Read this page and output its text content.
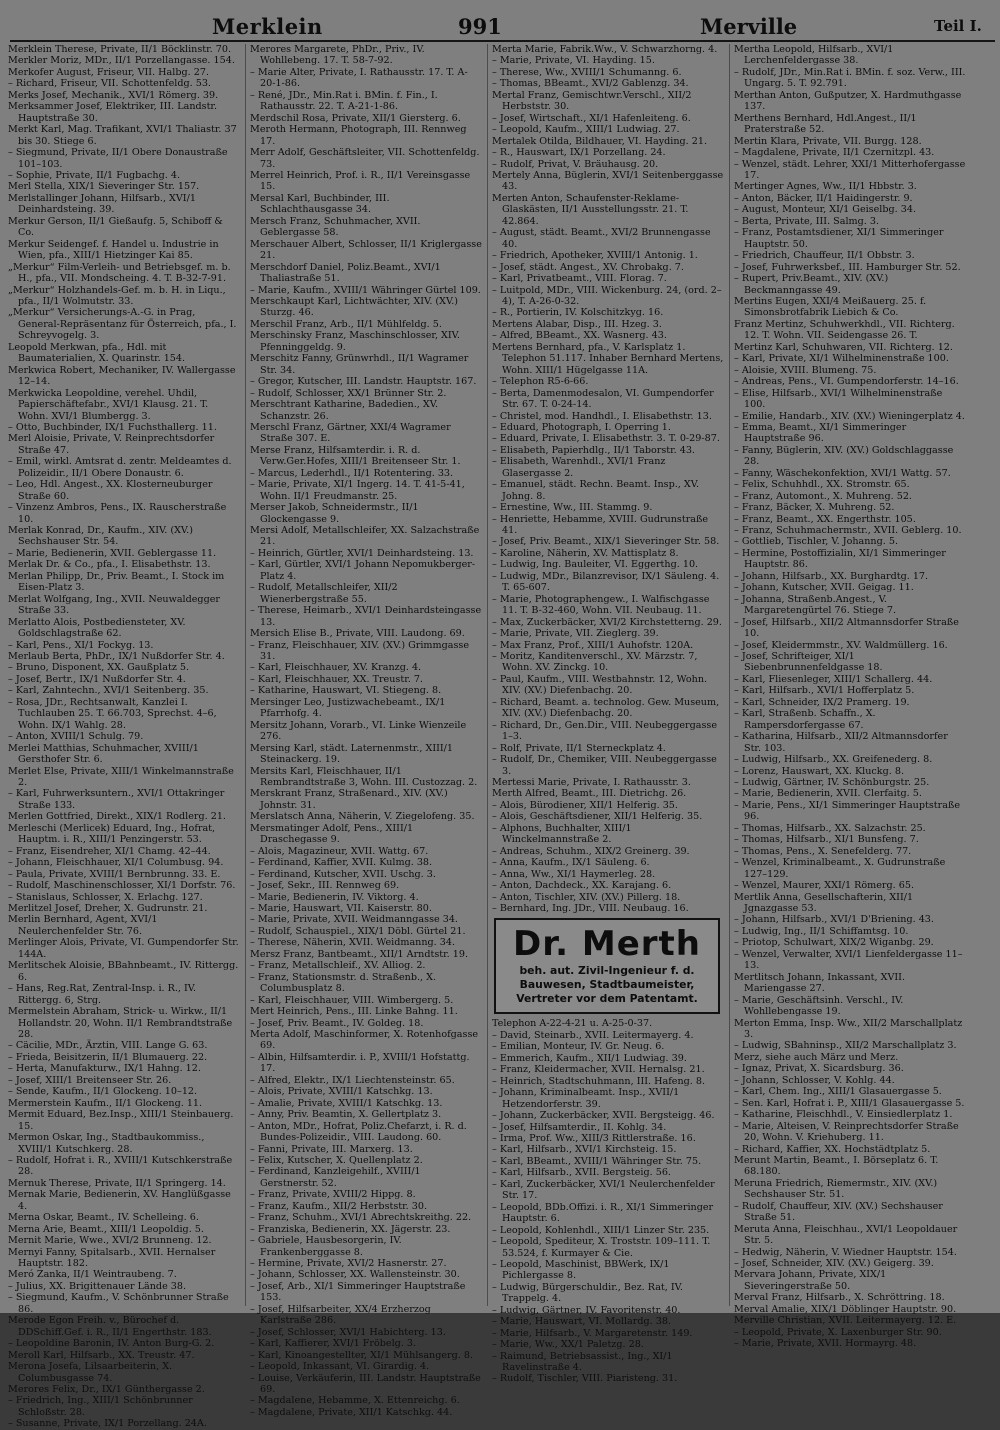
Merklein	991	Merville	Teil I.

Merklein Therese, Private, II/1 Böcklinstr. 70.

Merkler Moriz, MDr., II/1 Porzellangasse. 154.

Merkofer August, Friseur, VII. Halbg. 27.

– Richard, Friseur, VII. Schottenfeldg. 53.

Merks Josef, Mechanik., XVI/1 Römerg. 39.

Merksammer Josef, Elektriker, III. Landstr. Hauptstraße 30.

Merkt Karl, Mag. Trafikant, XVI/1 Thaliastr. 37 bis 30. Stiege 6.

– Siegmund, Private, II/1 Obere Donaustraße 101–103.

– Sophie, Private, II/1 Fugbachg. 4.

Merl Stella, XIX/1 Sieveringer Str. 157.

Merlstallinger Johann, Hilfsarb., XVI/1 Deinhardsteing. 39.

Merkur Gerson, II/1 Gießaufg. 5, Schiboff & Co.

Merkur Seidengef. f. Handel u. Industrie in Wien, pfa., XIII/1 Hietzinger Kai 85.

„Merkur“ Film-Verleih- und Betriebsgef. m. b. H., pfa., VII. Mondscheing. 4. T. B-32-7-91.

„Merkur“ Holzhandels-Gef. m. b. H. in Liqu., pfa., II/1 Wolmutstr. 33.

„Merkur“ Versicherungs-A.-G. in Prag, General-Repräsentanz für Österreich, pfa., I. Schreyvogelg. 3.

Leopold Merkwan, pfa., Hdl. mit Baumaterialien, X. Quarinstr. 154.

Merkwica Robert, Mechaniker, IV. Wallergasse 12–14.

Merkwicka Leopoldine, verehel. Uhdil, Papierschäftefabr., XVI/1 Klausg. 21. T. Wohn. XVI/1 Blumbergg. 3.

– Otto, Buchbinder, IX/1 Fuchsthallerg. 11.

Merl Aloisie, Private, V. Reinprechtsdorfer Straße 47.

– Emil, wirkl. Amtsrat d. zentr. Meldeamtes d. Polizeidir., II/1 Obere Donaustr. 6.

– Leo, Hdl. Angest., XX. Klosterneuburger Straße 60.

– Vinzenz Ambros, Pens., IX. Rauscherstraße 10.

Merlak Konrad, Dr., Kaufm., XIV. (XV.) Sechshauser Str. 54.

– Marie, Bedienerin, XVII. Geblergasse 11.

Merlak Dr. & Co., pfa., I. Elisabethstr. 13.

Merlan Philipp, Dr., Priv. Beamt., I. Stock im Eisen-Platz 3.

Merlat Wolfgang, Ing., XVII. Neuwaldegger Straße 33.

Merlatto Alois, Postbediensteter, XV. Goldschlagstraße 62.

– Karl, Pens., XI/1 Fockyg. 13.

Merlaub Berta, PhDr., IX/1 Nußdorfer Str. 4.

– Bruno, Disponent, XX. Gaußplatz 5.

– Josef, Bertr., IX/1 Nußdorfer Str. 4.

– Karl, Zahntechn., XVI/1 Seitenberg. 35.

– Rosa, JDr., Rechtsanwalt, Kanzlei I. Tuchlauben 25. T. 66.703, Sprechst. 4–6, Wohn. IX/1 Wahlg. 28.

– Anton, XVIII/1 Schulg. 79.

Merlei Matthias, Schuhmacher, XVIII/1 Gersthofer Str. 6.

Merlet Else, Private, XIII/1 Winkelmannstraße 2.

– Karl, Fuhrwerksuntern., XVI/1 Ottakringer Straße 133.

Merlen Gottfried, Direkt., XIX/1 Rodlerg. 21.

Merleschi (Merlicek) Eduard, Ing., Hofrat, Hauptm. i. R., XIII/1 Penzingerstr. 53.

– Franz, Eisendreher, XI/1 Chamg. 42–44.

– Johann, Fleischhauer, XI/1 Columbusg. 94.

– Paula, Private, XVIII/1 Bernbrunng. 33. E.

– Rudolf, Maschinenschlosser, XI/1 Dorfstr. 76.

– Stanislaus, Schlosser, X. Erlachg. 127.

Merlitzel Josef, Dreher, X. Gudrunstr. 21.

Merlin Bernhard, Agent, XVI/1 Neulerchenfelder Str. 76.

Merlinger Alois, Private, VI. Gumpendorfer Str. 144A.

Merlitschek Aloisie, BBahnbeamt., IV. Rittergg. 6.

– Hans, Reg.Rat, Zentral-Insp. i. R., IV. Rittergg. 6, Strg.

Mermelstein Abraham, Strick- u. Wirkw., II/1 Hollandstr. 20, Wohn. II/1 Rembrandtstraße 28.

– Cäcilie, MDr., Ärztin, VIII. Lange G. 63.

– Frieda, Beisitzerin, II/1 Blumauerg. 22.

– Herta, Manufakturw., IX/1 Hahng. 12.

– Josef, XIII/1 Breitenseer Str. 26.

– Sende, Kaufm., II/1 Glockeng. 10–12.

Mermerstein Kaufm., II/1 Glockeng. 11.

Mermit Eduard, Bez.Insp., XIII/1 Steinbauerg. 15.

Mermon Oskar, Ing., Stadtbaukommiss., XVIII/1 Kutschkerg. 28.

– Rudolf, Hofrat i. R., XVIII/1 Kutschkerstraße 28.

Mernuk Therese, Private, II/1 Springerg. 14.

Mernak Marie, Bedienerin, XV. Hanglüßgasse 4.

Merna Oskar, Beamt., IV. Schelleing. 6.

Merna Arie, Beamt., XIII/1 Leopoldig. 5.

Mernit Marie, Wwe., XVI/2 Brunneng. 12.

Mernyi Fanny, Spitalsarb., XVII. Hernalser Hauptstr. 182.

Meró Zanka, II/1 Weintraubeng. 7.

– Julius, XX. Brigittenauer Lände 38.

– Siegmund, Kaufm., V. Schönbrunner Straße 86.

Merode Egon Freih. v., Bürochef d. DDSchiff.Gef. i. R., II/1 Engerthstr. 183.

– Leopoldine Baronin, IV. Anton Burg-G. 2.

Meroll Karl, Hilfsarb., XX. Treustr. 47.

Merona Josefa, Lilsaarbeiterin, X. Columbusgasse 74.

Merores Felix, Dr., IX/1 Günthergasse 2.

– Friedrich, Ing., XIII/1 Schönbrunner Schloßstr. 28.

– Susanne, Private, IX/1 Porzellang. 24A.

Merores Margarete, PhDr., Priv., IV. Wohllebeng. 17. T. 58-7-92.

– Marie Alter, Private, I. Rathausstr. 17. T. A-20-1-86.

– René, JDr., Min.Rat i. BMin. f. Fin., I. Rathausstr. 22. T. A-21-1-86.

Merdschil Rosa, Private, XII/1 Giersterg. 6.

Meroth Hermann, Photograph, III. Rennweg 17.

Merr Adolf, Geschäftsleiter, VII. Schottenfeldg. 73.

Merrel Heinrich, Prof. i. R., II/1 Vereinsgasse 15.

Mersal Karl, Buchbinder, III. Schlachthausgasse 34.

Mersch Franz, Schuhmacher, XVII. Geblergasse 58.

Merschauer Albert, Schlosser, II/1 Kriglergasse 21.

Merschdorf Daniel, Poliz.Beamt., XVI/1 Thaliastraße 51.

– Marie, Kaufm., XVIII/1 Währinger Gürtel 109.

Merschkaupt Karl, Lichtwächter, XIV. (XV.) Sturzg. 46.

Merschil Franz, Arb., II/1 Mühlfeldg. 5.

Merschinsky Franz, Maschinschlosser, XIV. Pfenninggeldg. 9.

Merschitz Fanny, Grünwrhdl., II/1 Wagramer Str. 34.

– Gregor, Kutscher, III. Landstr. Hauptstr. 167.

– Rudolf, Schlosser, XX/1 Brünner Str. 2.

Merschtrant Katharine, Badedien., XV. Schanzstr. 26.

Merschl Franz, Gärtner, XXI/4 Wagramer Straße 307. E.

Merse Franz, Hilfsamterdir. i. R. d. Verw.Ger.Hofes, XIII/1 Breitenseer Str. 1.

– Marcus, Lederhdl., II/1 Rotentering. 33.

– Marie, Private, XI/1 Ingerg. 14. T. 41-5-41, Wohn. II/1 Freudmanstr. 25.

Merser Jakob, Schneidermstr., II/1 Glockengasse 9.

Mersi Adolf, Metallschleifer, XX. Salzachstraße 21.

– Heinrich, Gürtler, XVI/1 Deinhardsteing. 13.

– Karl, Gürtler, XVI/1 Johann Nepomukberger-Platz 4.

– Rudolf, Metallschleifer, XII/2 Wienerbergstraße 55.

– Therese, Heimarb., XVI/1 Deinhardsteingasse 13.

Mersich Elise B., Private, VIII. Laudong. 69.

– Franz, Fleischhauer, XIV. (XV.) Grimmgasse 31.

– Karl, Fleischhauer, XV. Kranzg. 4.

– Karl, Fleischhauer, XX. Treustr. 7.

– Katharine, Hauswart, VI. Stiegeng. 8.

Mersinger Leo, Justizwachebeamt., IX/1 Pfarrhofg. 4.

Mersitz Johann, Vorarb., VI. Linke Wienzeile 276.

Mersing Karl, städt. Laternenmstr., XIII/1 Steinackerg. 19.

Mersits Karl, Fleischhauer, II/1 Rembrandtstraße 3, Wohn. III. Custozzag. 2.

Merskrant Franz, Straßenard., XIV. (XV.) Johnstr. 31.

Merslatsch Anna, Näherin, V. Ziegelofeng. 35.

Mersmatinger Adolf, Pens., XIII/1 Draschegasse 9.

– Alois, Magazineur, XVII. Wattg. 67.

– Ferdinand, Kaffier, XVII. Kulmg. 38.

– Ferdinand, Kutscher, XVII. Uschg. 3.

– Josef, Sekr., III. Rennweg 69.

– Marie, Bedienerin, IV. Viktorg. 4.

– Marie, Hauswart, VII. Kaiserstr. 80.

– Marie, Private, XVII. Weidmanngasse 34.

– Rudolf, Schauspiel., XIX/1 Döbl. Gürtel 21.

– Therese, Näherin, XVII. Weidmanng. 34.

Mersz Franz, Bantbeamt., XII/1 Arndtstr. 19.

– Franz, Metallschleif., XV. Alliog. 2.

– Franz, Stationsmstr. d. Straßenb., X. Columbusplatz 8.

– Karl, Fleischhauer, VIII. Wimbergerg. 5.

Mert Heinrich, Pens., III. Linke Bahng. 11.

– Josef, Priv. Beamt., IV. Goldeg. 18.

Merta Adolf, Maschinformer, X. Rotenhofgasse 69.

– Albin, Hilfsamterdir. i. P., XVIII/1 Hofstattg. 17.

– Alfred, Elektr., IX/1 Liechtensteinstr. 65.

– Alois, Private, XVIII/1 Katschkg. 13.

– Amalie, Private, XVIII/1 Katschkg. 13.

– Anny, Priv. Beamtin, X. Gellertplatz 3.

– Anton, MDr., Hofrat, Poliz.Chefarzt, i. R. d. Bundes-Polizeidir., VIII. Laudong. 60.

– Fanni, Private, III. Marxerg. 13.

– Felix, Kutscher, X. Quellenplatz 2.

– Ferdinand, Kanzleigehilf., XVIII/1 Gerstnerstr. 52.

– Franz, Private, XVIII/2 Hippg. 8.

– Franz, Kaufm., XII/2 Herbststr. 30.

– Franz, Schuhm., XVI/1 Abrechtskreithg. 22.

– Franziska, Bedienerin, XX. Jägerstr. 23.

– Gabriele, Hausbesorgerin, IV. Frankenberggasse 8.

– Hermine, Private, XVI/2 Hasnerstr. 27.

– Johann, Schlosser, XX. Wallensteinstr. 30.

– Josef, Arb., XI/1 Simmeringer Hauptstraße 153.

– Josef, Hilfsarbeiter, XX/4 Erzherzog Karlstraße 286.

– Josef, Schlosser, XVI/1 Habichterg. 13.

– Karl, Kaffierer, XVI/1 Fröbelg. 3.

– Karl, Kinoangestellter, XI/1 Mühlsangerg. 8.

– Leopold, Inkassant, VI. Girardig. 4.

– Louise, Verkäuferin, III. Landstr. Hauptstraße 69.

– Magdalene, Hebamme, X. Ettenreichg. 6.

– Magdalene, Private, XII/1 Katschkg. 44.

Merta Marie, Fabrik.Ww., V. Schwarzhorng. 4.

– Marie, Private, VI. Hayding. 15.

– Therese, Ww., XVIII/1 Schumanng. 6.

– Thomas, BBeamt., XVI/2 Gablenzg. 34.

Mertal Franz, Gemischtwr.Verschl., XII/2 Herbststr. 30.

– Josef, Wirtschaft., XI/1 Hafenleiteng. 6.

– Leopold, Kaufm., XIII/1 Ludwiag. 27.

Mertalek Otilda, Bildhauer, VI. Hayding. 21.

– R., Hauswart, IX/1 Porzellang. 24.

– Rudolf, Privat, V. Bräuhausg. 20.

Mertely Anna, Büglerin, XVI/1 Seitenberggasse 43.

Merten Anton, Schaufenster-Reklame-Glaskästen, II/1 Ausstellungsstr. 21. T. 42.864.

– August, städt. Beamt., XVI/2 Brunnengasse 40.

– Friedrich, Apotheker, XVIII/1 Antonig. 1.

– Josef, städt. Angest., XV. Chrobakg. 7.

– Karl, Privatbeamt., VIII. Florag. 7.

– Luitpold, MDr., VIII. Wickenburg. 24, (ord. 2–4), T. A-26-0-32.

– R., Portierin, IV. Kolschitzkyg. 16.

Mertens Alabar, Disp., III. Hzeg. 3.

– Alfred, BBeamt., XX. Wasnerg. 43.

Mertens Bernhard, pfa., V. Karlsplatz 1. Telephon 51.117. Inhaber Bernhard Mertens, Wohn. XIII/1 Hügelgasse 11A.

– Telephon R5-6-66.

– Berta, Damenmodesalon, VI. Gumpendorfer Str. 67. T. 0-24-14.

– Christel, mod. Handhdl., I. Elisabethstr. 13.

– Eduard, Photograph, I. Operring 1.

– Eduard, Private, I. Elisabethstr. 3. T. 0-29-87.

– Elisabeth, Papierhdlg., II/1 Taborstr. 43.

– Elisabeth, Warenhdl., XVI/1 Franz Glasergasse 2.

– Emanuel, städt. Rechn. Beamt. Insp., XV. Johng. 8.

– Ernestine, Ww., III. Stammg. 9.

– Henriette, Hebamme, XVIII. Gudrunstraße 41.

– Josef, Priv. Beamt., XIX/1 Sieveringer Str. 58.

– Karoline, Näherin, XV. Mattisplatz 8.

– Ludwig, Ing. Bauleiter, VI. Eggerthg. 10.

– Ludwig, MDr., Bilanzrevisor, IX/1 Säuleng. 4. T. 65-607.

– Marie, Photographengew., I. Walfischgasse 11. T. B-32-460, Wohn. VII. Neubaug. 11.

– Max, Zuckerbäcker, XVI/2 Kirchstetterng. 29.

– Marie, Private, VII. Zieglerg. 39.

– Max Franz, Prof., XIII/1 Auhofstr. 120A.

– Moritz, Kanditenverschl., XV. Märzstr. 7, Wohn. XV. Zinckg. 10.

– Paul, Kaufm., VIII. Westbahnstr. 12, Wohn. XIV. (XV.) Diefenbachg. 20.

– Richard, Beamt. a. technolog. Gew. Museum, XIV. (XV.) Diefenbachg. 20.

– Richard, Dr., Gen.Dir., VIII. Neubeggergasse 1–3.

– Rolf, Private, II/1 Sterneckplatz 4.

– Rudolf, Dr., Chemiker, VIII. Neubeggergasse 3.

Mertessi Marie, Private, I. Rathausstr. 3.

Merth Alfred, Beamt., III. Dietrichg. 26.

– Alois, Bürodiener, XII/1 Helferig. 35.

– Alois, Geschäftsdiener, XII/1 Helferig. 35.

– Alphons, Buchhalter, XIII/1 Winckelmannstraße 2.

– Andreas, Schuhm., XIX/2 Greinerg. 39.

– Anna, Kaufm., IX/1 Säuleng. 6.

– Anna, Ww., XI/1 Haymerleg. 28.

– Anton, Dachdeck., XX. Karajang. 6.

– Anton, Tischler, XIV. (XV.) Pillerg. 18.

– Bernhard, Ing. JDr., VIII. Neubaug. 16.

Dr. Merth
beh. aut. Zivil-Ingenieur f. d.
Bauwesen, Stadtbaumeister,
Vertreter vor dem Patentamt.

Telephon A-22-4-21 u. A-25-0-37.

– David, Steinarb., XVII. Leitermayerg. 4.

– Emilian, Monteur, IV. Gr. Neug. 6.

– Emmerich, Kaufm., XII/1 Ludwiag. 39.

– Franz, Kleidermacher, XVII. Hernalsg. 21.

– Heinrich, Stadtschuhmann, III. Hafeng. 8.

– Johann, Kriminalbeamt. Insp., XVII/1 Hetzendorferstr. 39.

– Johann, Zuckerbäcker, XVII. Bergsteigg. 46.

– Josef, Hilfsamterdir., II. Kohlg. 34.

– Irma, Prof. Ww., XIII/3 Rittlerstraße. 16.

– Karl, Hilfsarb., XVI/1 Kirchsteig. 15.

– Karl, BBeamt., XVIII/1 Währinger Str. 75.

– Karl, Hilfsarb., XVII. Bergsteig. 56.

– Karl, Zuckerbäcker, XVI/1 Neulerchenfelder Str. 17.

– Leopold, BDb.Offizi. i. R., XI/1 Simmeringer Hauptstr. 6.

– Leopold, Kohlenhdl., XIII/1 Linzer Str. 235.

– Leopold, Spediteur, X. Troststr. 109–111. T. 53.524, f. Kurmayer & Cie.

– Leopold, Maschinist, BBWerk, IX/1 Pichlergasse 8.

– Ludwig, Bürgerschuldir., Bez. Rat, IV. Trappelg. 4.

– Ludwig, Gärtner, IV. Favoritenstr. 40.

– Marie, Hauswart, VI. Mollardg. 38.

– Marie, Hilfsarb., V. Margaretenstr. 149.

– Marie, Ww., XX/1 Paletzg. 28.

– Raimund, Betriebsassist., Ing., XI/1 Ravelinstraße 4.

– Rudolf, Tischler, VIII. Piaristeng. 31.

Mertha Leopold, Hilfsarb., XVI/1 Lerchenfeldergasse 38.

– Rudolf, JDr., Min.Rat i. BMin. f. soz. Verw., III. Ungarg. 5. T. 92.791.

Merthan Anton, Gußputzer, X. Hardmuthgasse 137.

Merthens Bernhard, Hdl.Angest., II/1 Praterstraße 52.

Mertin Klara, Private, VII. Burgg. 128.

– Magdalene, Private, II/1 Czernitzpl. 43.

– Wenzel, städt. Lehrer, XXI/1 Mitterhofergasse 17.

Mertinger Agnes, Ww., II/1 Hbbstr. 3.

– Anton, Bäcker, II/1 Haidingerstr. 9.

– August, Monteur, XI/1 Geiselbg. 34.

– Berta, Private, III. Salmg. 3.

– Franz, Postamtsdiener, XI/1 Simmeringer Hauptstr. 50.

– Friedrich, Chauffeur, II/1 Obbstr. 3.

– Josef, Fuhrwerksbef., III. Hamburger Str. 52.

– Rupert, Priv.Beamt., XIV. (XV.) Beckmanngasse 49.

Mertins Eugen, XXI/4 Meißauerg. 25. f. Simonsbrotfabrik Liebich & Co.

Franz Mertinz, Schuhwerkhdl., VII. Richterg. 12. T. Wohn. VII. Seidengasse 26. T.

Mertinz Karl, Schuhwaren, VII. Richterg. 12.

– Karl, Private, XI/1 Wilhelminenstraße 100.

– Aloisie, XVIII. Blumeng. 75.

– Andreas, Pens., VI. Gumpendorferstr. 14–16.

– Elise, Hilfsarb., XVI/1 Wilhelminenstraße 100.

– Emilie, Handarb., XIV. (XV.) Wieningerplatz 4.

– Emma, Beamt., XI/1 Simmeringer Hauptstraße 96.

– Fanny, Büglerin, XIV. (XV.) Goldschlaggasse 28.

– Fanny, Wäschekonfektion, XVI/1 Wattg. 57.

– Felix, Schuhhdl., XX. Stromstr. 65.

– Franz, Automont., X. Muhreng. 52.

– Franz, Bäcker, X. Muhreng. 52.

– Franz, Beamt., XX. Engerthstr. 105.

– Franz, Schuhmachermstr., XVII. Geblerg. 10.

– Gottlieb, Tischler, V. Johanng. 5.

– Hermine, Postoffizialin, XI/1 Simmeringer Hauptstr. 86.

– Johann, Hilfsarb., XX. Burghardtg. 17.

– Johann, Kutscher, XVII. Geigag. 11.

– Johanna, Straßenb.Angest., V. Margaretengürtel 76. Stiege 7.

– Josef, Hilfsarb., XII/2 Altmannsdorfer Straße 10.

– Josef, Kleidermmstr., XV. Waldmüllerg. 16.

– Josef, Schrifteiger, XI/1 Siebenbrunnenfeldgasse 18.

– Karl, Fliesenleger, XIII/1 Schallerg. 44.

– Karl, Hilfsarb., XVI/1 Hofferplatz 5.

– Karl, Schneider, IX/2 Pramerg. 19.

– Karl, Straßenb. Schaffn., X. Rampersdorfergasse 67.

– Katharina, Hilfsarb., XII/2 Altmannsdorfer Str. 103.

– Ludwig, Hilfsarb., XX. Greifenederg. 8.

– Lorenz, Hauswart, XX. Kluckg. 8.

– Ludwig, Gärtner, IV. Schönburgstr. 25.

– Marie, Bedienerin, XVII. Clerfaitg. 5.

– Marie, Pens., XI/1 Simmeringer Hauptstraße 96.

– Thomas, Hilfsarb., XX. Salzachstr. 25.

– Thomas, Hilfsarb., XI/1 Bunsfeng. 7.

– Thomas, Pens., X. Senefelderg. 77.

– Wenzel, Kriminalbeamt., X. Gudrunstraße 127–129.

– Wenzel, Maurer, XXI/1 Römerg. 65.

Mertlik Anna, Gesellschafterin, XII/1 Jgnazgasse 53.

– Johann, Hilfsarb., XVI/1 D'Briening. 43.

– Ludwig, Ing., II/1 Schiffamtsg. 10.

– Priotop, Schulwart, XIX/2 Wiganbg. 29.

– Wenzel, Verwalter, XVI/1 Lienfeldergasse 11–13.

Mertlitsch Johann, Inkassant, XVII. Mariengasse 27.

– Marie, Geschäftsinh. Verschl., IV. Wohllebengasse 19.

Merton Emma, Insp. Ww., XII/2 Marschallplatz 3.

– Ludwig, SBahninsp., XII/2 Marschallplatz 3.

Merz, siehe auch März und Merz.

– Ignaz, Privat, X. Sicardsburg. 36.

– Johann, Schlosser, V. Kohlg. 44.

– Karl, Chem. Ing., XIII/1 Glasauergasse 5.

– Sen. Karl, Hofrat i. P., XIII/1 Glasauergasse 5.

– Katharine, Fleischhdl., V. Einsiedlerplatz 1.

– Marie, Alteisen, V. Reinprechtsdorfer Straße 20, Wohn. V. Kriehuberg. 11.

– Richard, Kaffier, XX. Hochstädtplatz 5.

Merunt Martin, Beamt., I. Börseplatz 6. T. 68.180.

Meruna Friedrich, Riemermstr., XIV. (XV.) Sechshauser Str. 51.

– Rudolf, Chauffeur, XIV. (XV.) Sechshauser Straße 51.

Meruta Anna, Fleischhau., XVI/1 Leopoldauer Str. 5.

– Hedwig, Näherin, V. Wiedner Hauptstr. 154.

– Josef, Schneider, XIV. (XV.) Geigerg. 39.

Mervara Johann, Private, XIX/1 Sieveringerstraße 50.

Merval Franz, Hilfsarb., X. Schröttring. 18.

Merval Amalie, XIX/1 Döblinger Hauptstr. 90.

Merville Christian, XVII. Leitermayerg. 12. E.

– Leopold, Private, X. Laxenburger Str. 90.

– Marie, Private, XVII. Hormayrg. 48.
